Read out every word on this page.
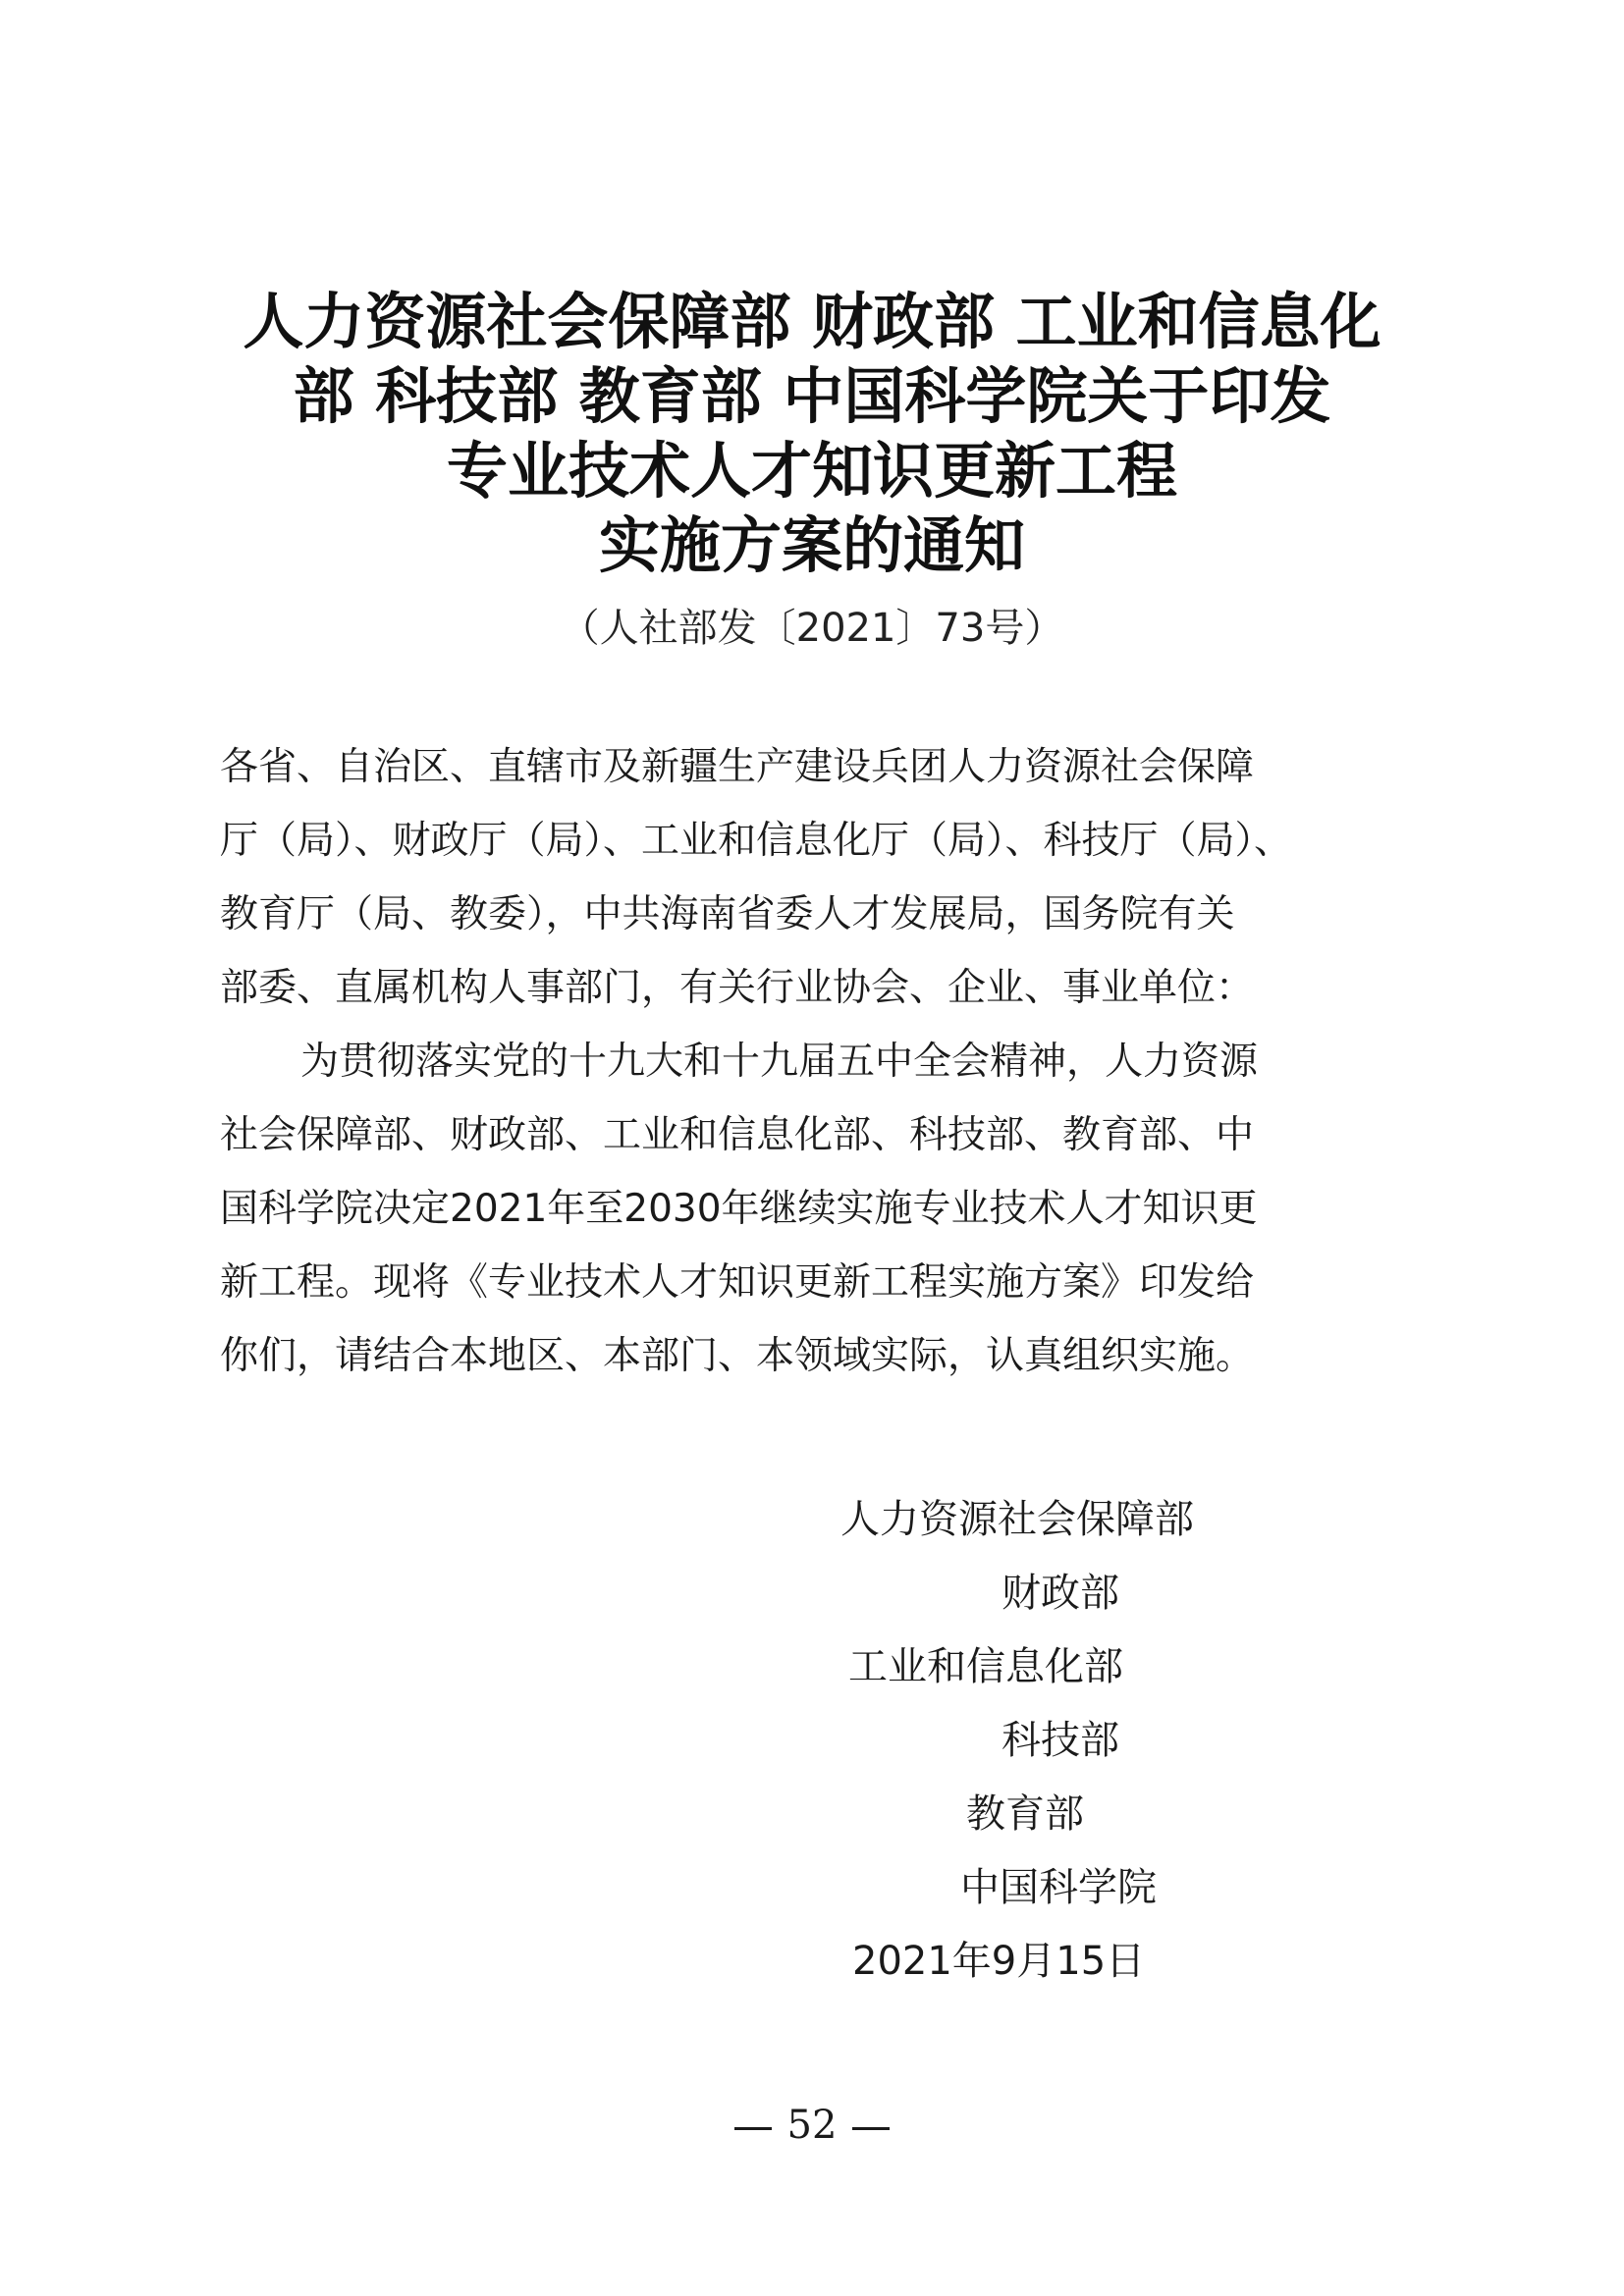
人力资源社会保障部 财政部 工业和信息化
部 科技部 教育部 中国科学院关于印发
专业技术人才知识更新工程
实施方案的通知
（人社部发〔2021〕73号）
各省、自治区、直辖市及新疆生产建设兵团人力资源社会保障
厅（局）、财政厅（局）、工业和信息化厅（局）、科技厅（局）、
教育厅（局、教委），中共海南省委人才发展局，国务院有关
部委、直属机构人事部门，有关行业协会、企业、事业单位：
为贯彻落实党的十九大和十九届五中全会精神，人力资源
社会保障部、财政部、工业和信息化部、科技部、教育部、中
国科学院决定2021年至2030年继续实施专业技术人才知识更
新工程。现将《专业技术人才知识更新工程实施方案》印发给
你们，请结合本地区、本部门、本领域实际，认真组织实施。
人力资源社会保障部
财政部
工业和信息化部
科技部
教育部
中国科学院
2021年9月15日
52
